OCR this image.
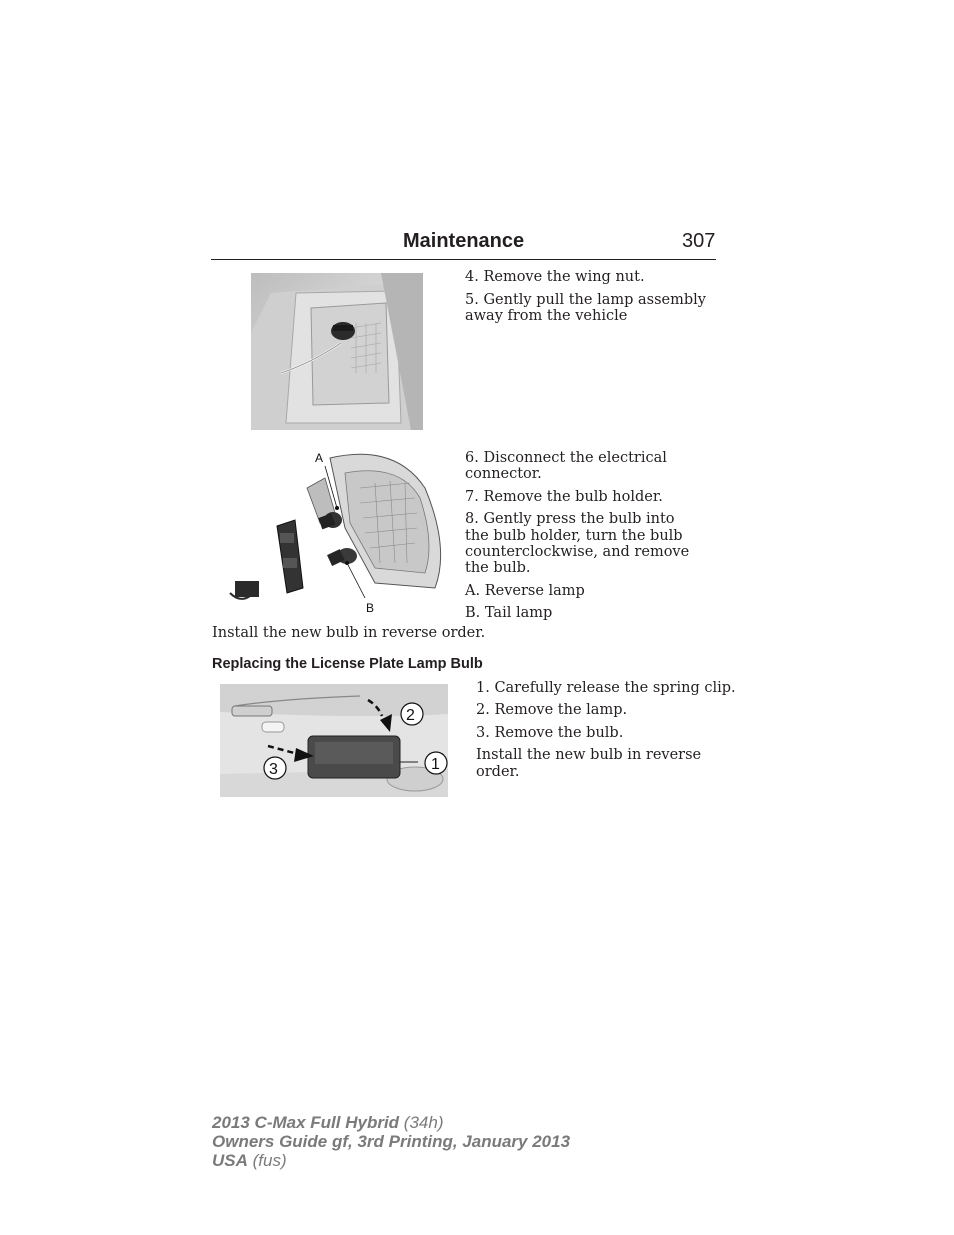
Maintenance	307

4. Remove the wing nut.

5. Gently pull the lamp assembly

away from the vehicle

A
B

6. Disconnect the electrical

connector.

7. Remove the bulb holder.

8. Gently press the bulb into

the bulb holder, turn the bulb

counterclockwise, and remove

the bulb.

A. Reverse lamp

B. Tail lamp

Install the new bulb in reverse order.

Replacing the License Plate Lamp Bulb
2
1
3

1. Carefully release the spring clip.

2. Remove the lamp.

3. Remove the bulb.

Install the new bulb in reverse

order.

2013 C-Max Full Hybrid (34h)
Owners Guide gf, 3rd Printing, January 2013
USA (fus)
